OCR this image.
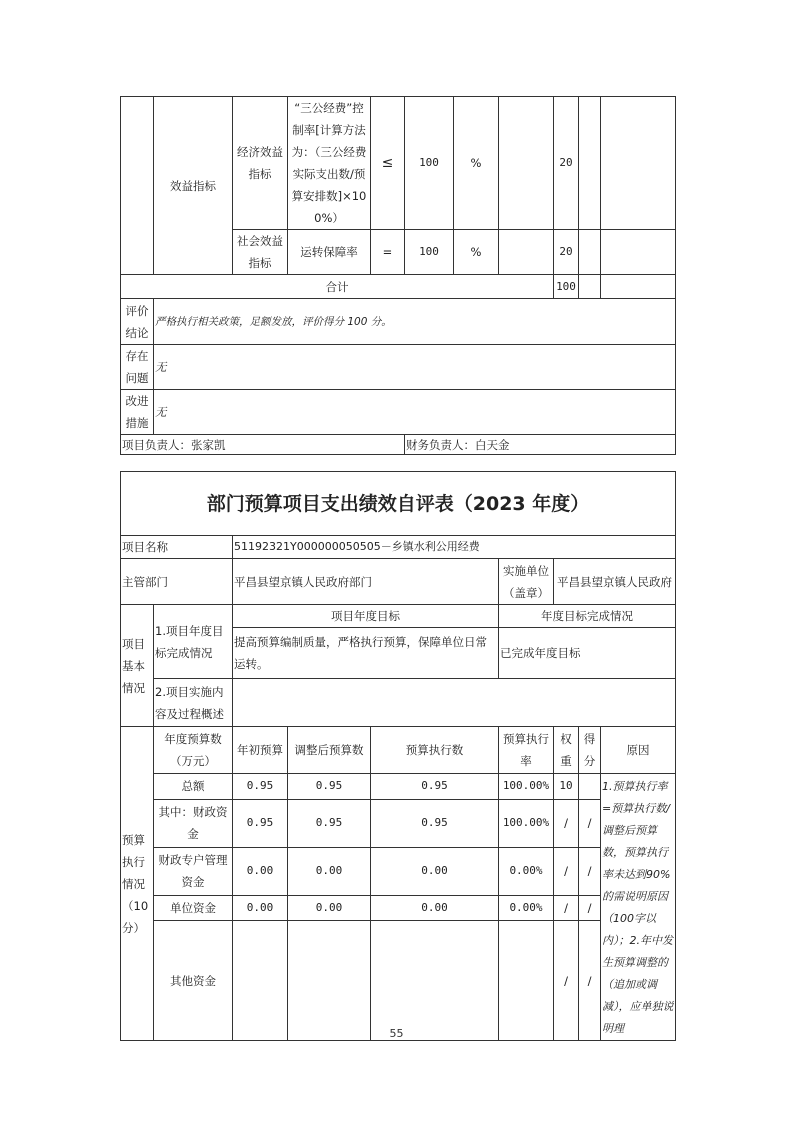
	效益指标	经济效益指标	“三公经费”控制率[计算方法为：（三公经费实际支出数/预算安排数]×100%）	≤	100	%		20		
		社会效益指标	运转保障率	=	100	%		20		
合计								100		
评价结论	严格执行相关政策，足额发放，评价得分 100 分。									
存在问题	无									
改进措施	无									
项目负责人：张家凯					财务负责人：白天金					
部门预算项目支出绩效自评表（2023 年度）								
项目名称		51192321Y000000050505－乡镇水利公用经费						
主管部门		平昌县望京镇人民政府部门			实施单位（盖章）	平昌县望京镇人民政府		
项目基本情况	1.项目年度目标完成情况	项目年度目标			年度目标完成情况			
		提高预算编制质量，严格执行预算，保障单位日常运转。			已完成年度目标			
	2.项目实施内容及过程概述							
预算执行情况（10分）	年度预算数（万元）	年初预算	调整后预算数	预算执行数	预算执行率	权重	得分	原因
	总额	0.95	0.95	0.95	100.00%	10		1.预算执行率=预算执行数/调整后预算数，预算执行率未达到90%的需说明原因（100字以内）；2.年中发生预算调整的（追加或调减），应单独说明理
	其中：财政资金	0.95	0.95	0.95	100.00%	/	/	
	财政专户管理资金	0.00	0.00	0.00	0.00%	/	/	
	单位资金	0.00	0.00	0.00	0.00%	/	/	
	其他资金					/	/	
55
